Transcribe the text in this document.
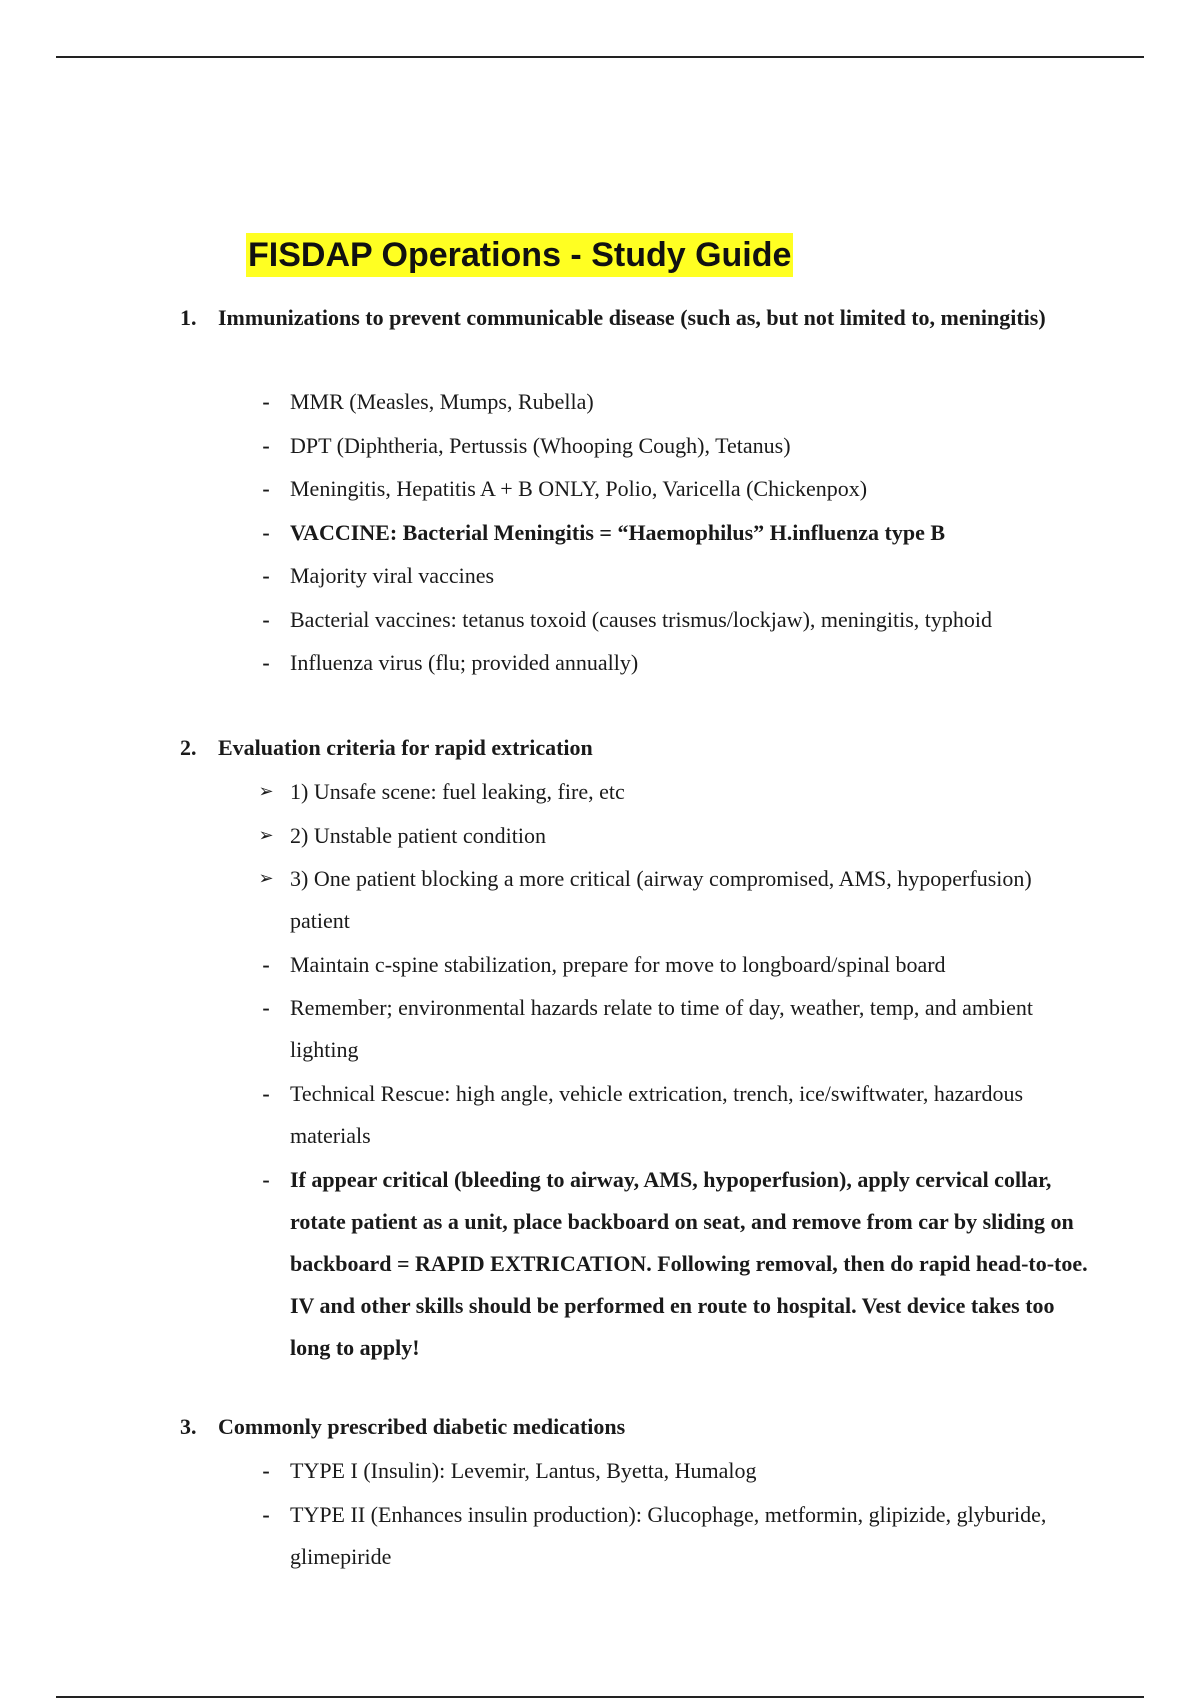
FISDAP Operations - Study Guide
1. Immunizations to prevent communicable disease (such as, but not limited to, meningitis)
- MMR (Measles, Mumps, Rubella)
- DPT (Diphtheria, Pertussis (Whooping Cough), Tetanus)
- Meningitis, Hepatitis A + B ONLY, Polio, Varicella (Chickenpox)
- VACCINE: Bacterial Meningitis = “Haemophilus” H.influenza type B
- Majority viral vaccines
- Bacterial vaccines: tetanus toxoid (causes trismus/lockjaw), meningitis, typhoid
- Influenza virus (flu; provided annually)
2. Evaluation criteria for rapid extrication
➢ 1) Unsafe scene: fuel leaking, fire, etc
➢ 2) Unstable patient condition
➢ 3) One patient blocking a more critical (airway compromised, AMS, hypoperfusion) patient
- Maintain c-spine stabilization, prepare for move to longboard/spinal board
- Remember; environmental hazards relate to time of day, weather, temp, and ambient lighting
- Technical Rescue: high angle, vehicle extrication, trench, ice/swiftwater, hazardous materials
- If appear critical (bleeding to airway, AMS, hypoperfusion), apply cervical collar, rotate patient as a unit, place backboard on seat, and remove from car by sliding on backboard = RAPID EXTRICATION. Following removal, then do rapid head-to-toe. IV and other skills should be performed en route to hospital. Vest device takes too long to apply!
3. Commonly prescribed diabetic medications
- TYPE I (Insulin): Levemir, Lantus, Byetta, Humalog
- TYPE II (Enhances insulin production): Glucophage, metformin, glipizide, glyburide, glimepiride
